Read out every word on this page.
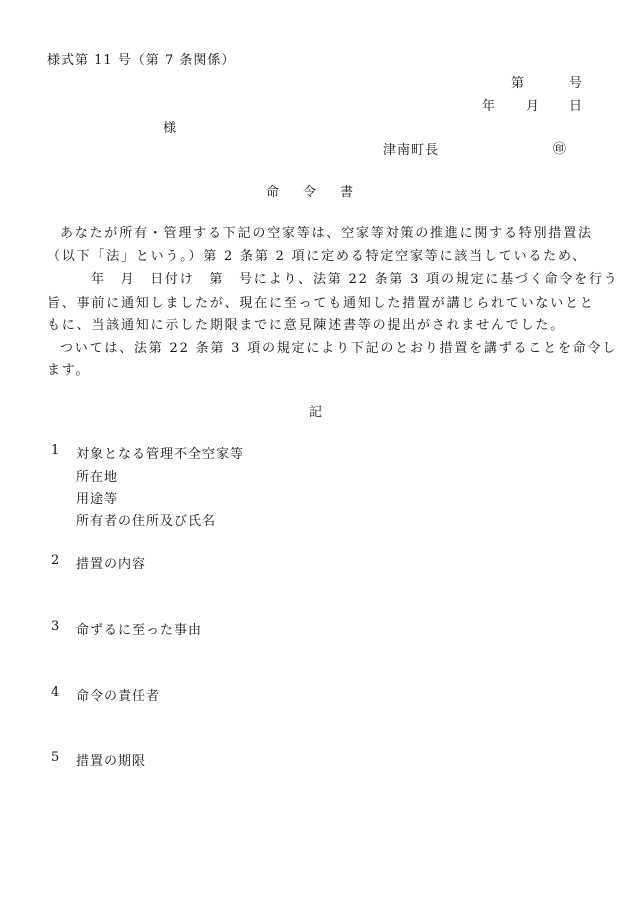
様式第 11 号（第 7 条関係）
第	号
年 月 日
様
津南町長	㊞
命令書
あなたが所有・管理する下記の空家等は、空家等対策の推進に関する特別措置法
（以下「法」という。）第 2 条第 2 項に定める特定空家等に該当しているため、
年　月　日付け　第　号により、法第 22 条第 3 項の規定に基づく命令を行う
旨、事前に通知しましたが、現在に至っても通知した措置が講じられていないとと
もに、当該通知に示した期限までに意見陳述書等の提出がされませんでした。
ついては、法第 22 条第 3 項の規定により下記のとおり措置を講ずることを命令し
ます。
記
1 対象となる管理不全空家等
所在地
用途等
所有者の住所及び氏名
2 措置の内容
3 命ずるに至った事由
4 命令の責任者
5 措置の期限
